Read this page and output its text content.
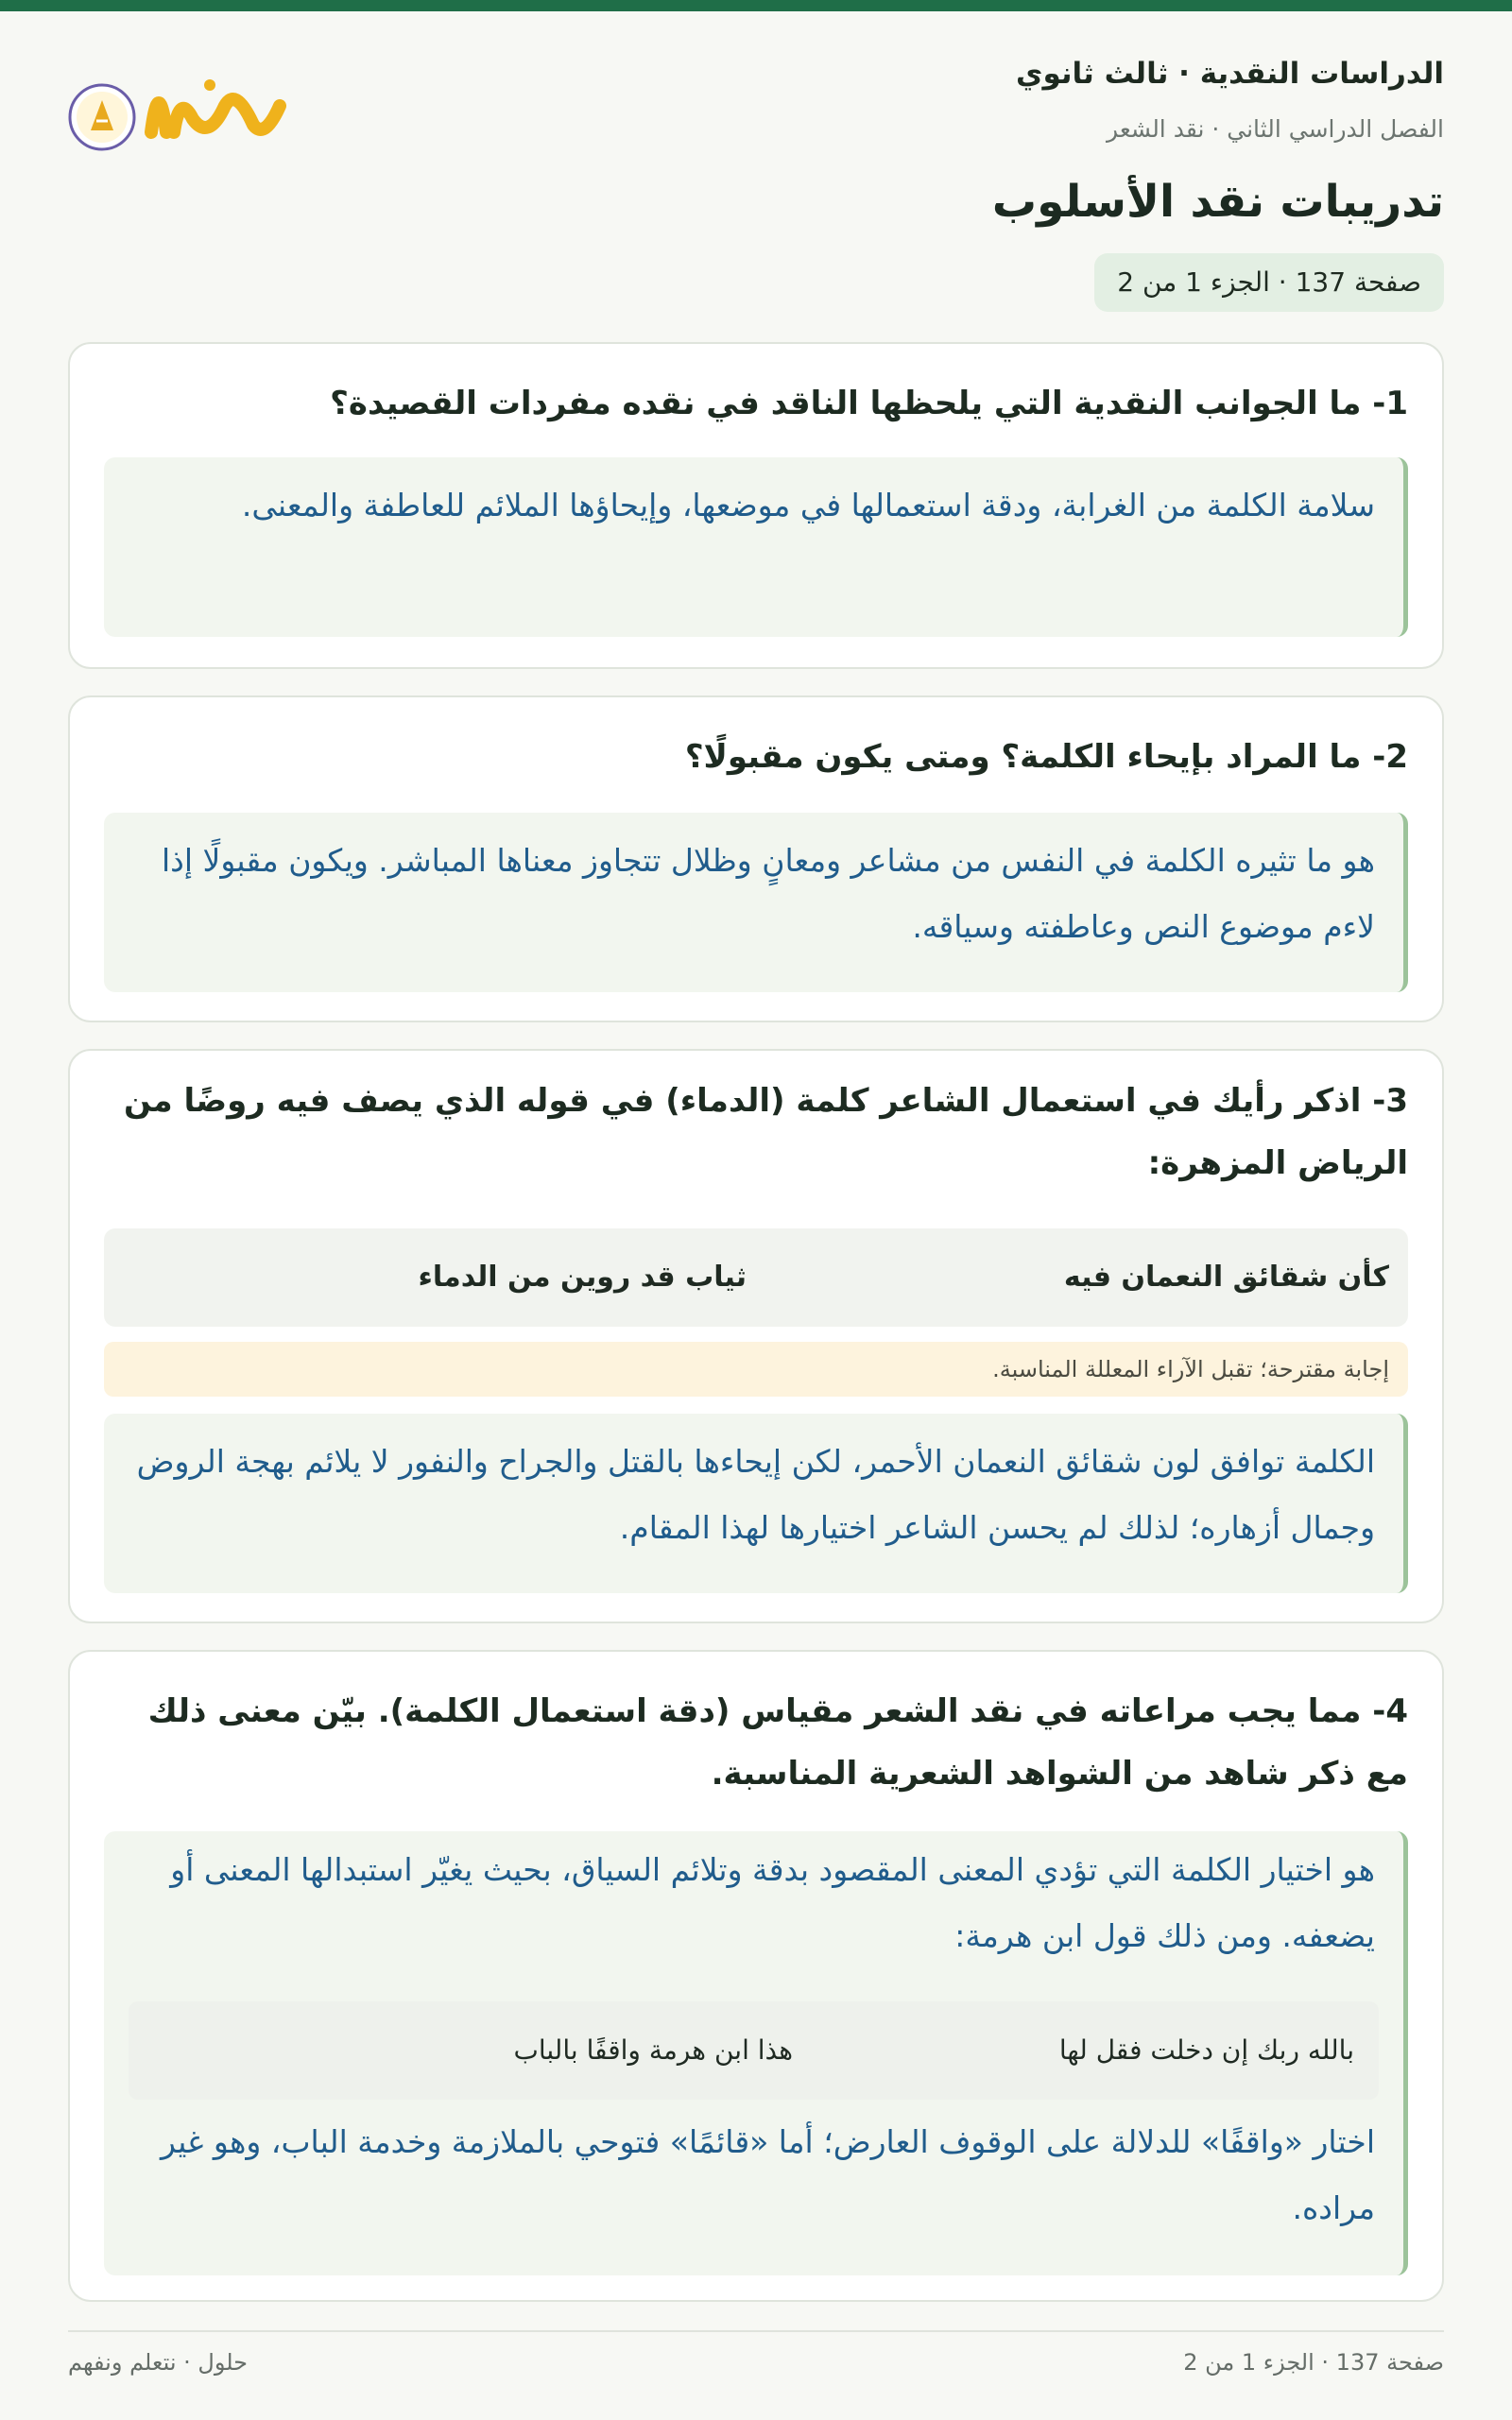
الدراسات النقدية · ثالث ثانوي
الفصل الدراسي الثاني · نقد الشعر
تدريبات نقد الأسلوب
صفحة 137 · الجزء 1 من 2
1- ما الجوانب النقدية التي يلحظها الناقد في نقده مفردات القصيدة؟
سلامة الكلمة من الغرابة، ودقة استعمالها في موضعها، وإيحاؤها الملائم للعاطفة والمعنى.
2- ما المراد بإيحاء الكلمة؟ ومتى يكون مقبولًا؟
هو ما تثيره الكلمة في النفس من مشاعر ومعانٍ وظلال تتجاوز معناها المباشر. ويكون مقبولًا إذا لاءم موضوع النص وعاطفته وسياقه.
3- اذكر رأيك في استعمال الشاعر كلمة (الدماء) في قوله الذي يصف فيه روضًا من الرياض المزهرة:
كأن شقائق النعمان فيه
ثياب قد روين من الدماء
إجابة مقترحة؛ تقبل الآراء المعللة المناسبة.
الكلمة توافق لون شقائق النعمان الأحمر، لكن إيحاءها بالقتل والجراح والنفور لا يلائم بهجة الروض وجمال أزهاره؛ لذلك لم يحسن الشاعر اختيارها لهذا المقام.
4- مما يجب مراعاته في نقد الشعر مقياس (دقة استعمال الكلمة). بيّن معنى ذلك مع ذكر شاهد من الشواهد الشعرية المناسبة.
هو اختيار الكلمة التي تؤدي المعنى المقصود بدقة وتلائم السياق، بحيث يغيّر استبدالها المعنى أو يضعفه. ومن ذلك قول ابن هرمة:
بالله ربك إن دخلت فقل لها
هذا ابن هرمة واقفًا بالباب
اختار «واقفًا» للدلالة على الوقوف العارض؛ أما «قائمًا» فتوحي بالملازمة وخدمة الباب، وهو غير مراده.
صفحة 137 · الجزء 1 من 2
حلول · نتعلم ونفهم
